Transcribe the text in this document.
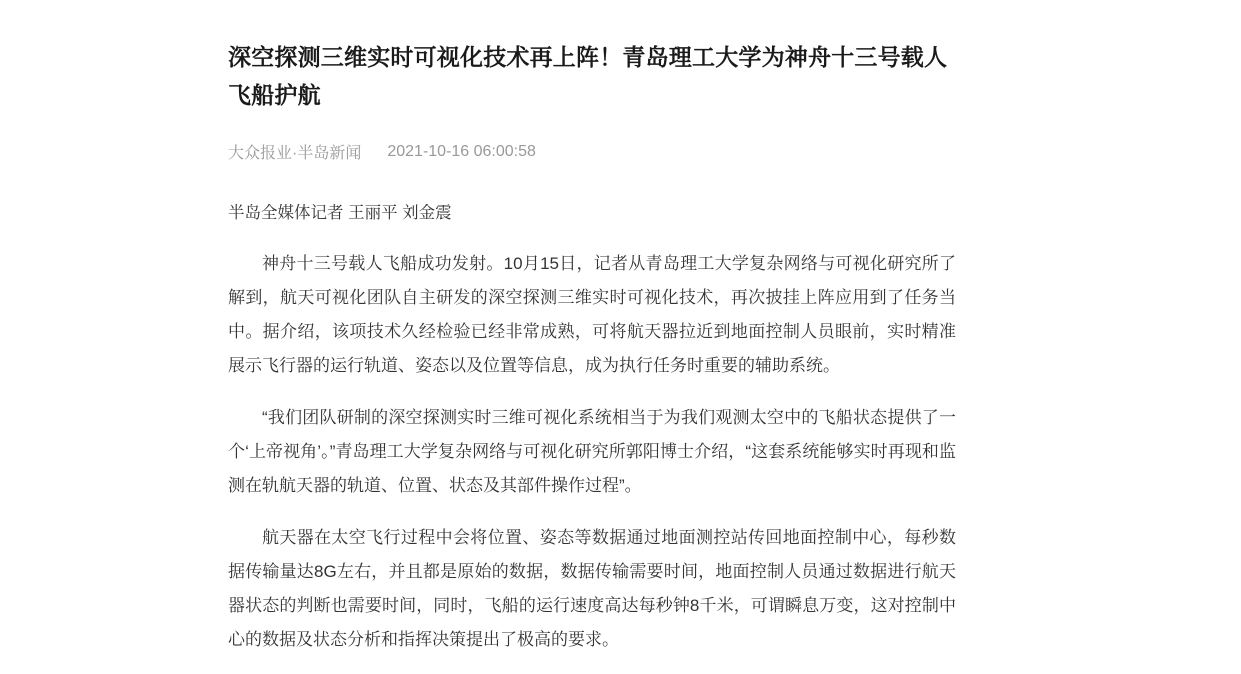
深空探测三维实时可视化技术再上阵！青岛理工大学为神舟十三号载人飞船护航
大众报业·半岛新闻 2021-10-16 06:00:58
半岛全媒体记者 王丽平 刘金震

神舟十三号载人飞船成功发射。10月15日，记者从青岛理工大学复杂网络与可视化研究所了解到，航天可视化团队自主研发的深空探测三维实时可视化技术，再次披挂上阵应用到了任务当中。据介绍，该项技术久经检验已经非常成熟，可将航天器拉近到地面控制人员眼前，实时精准展示飞行器的运行轨道、姿态以及位置等信息，成为执行任务时重要的辅助系统。

“我们团队研制的深空探测实时三维可视化系统相当于为我们观测太空中的飞船状态提供了一个‘上帝视角’。”青岛理工大学复杂网络与可视化研究所郭阳博士介绍，“这套系统能够实时再现和监测在轨航天器的轨道、位置、状态及其部件操作过程”。

航天器在太空飞行过程中会将位置、姿态等数据通过地面测控站传回地面控制中心，每秒数据传输量达8G左右，并且都是原始的数据，数据传输需要时间，地面控制人员通过数据进行航天器状态的判断也需要时间，同时，飞船的运行速度高达每秒钟8千米，可谓瞬息万变，这对控制中心的数据及状态分析和指挥决策提出了极高的要求。
